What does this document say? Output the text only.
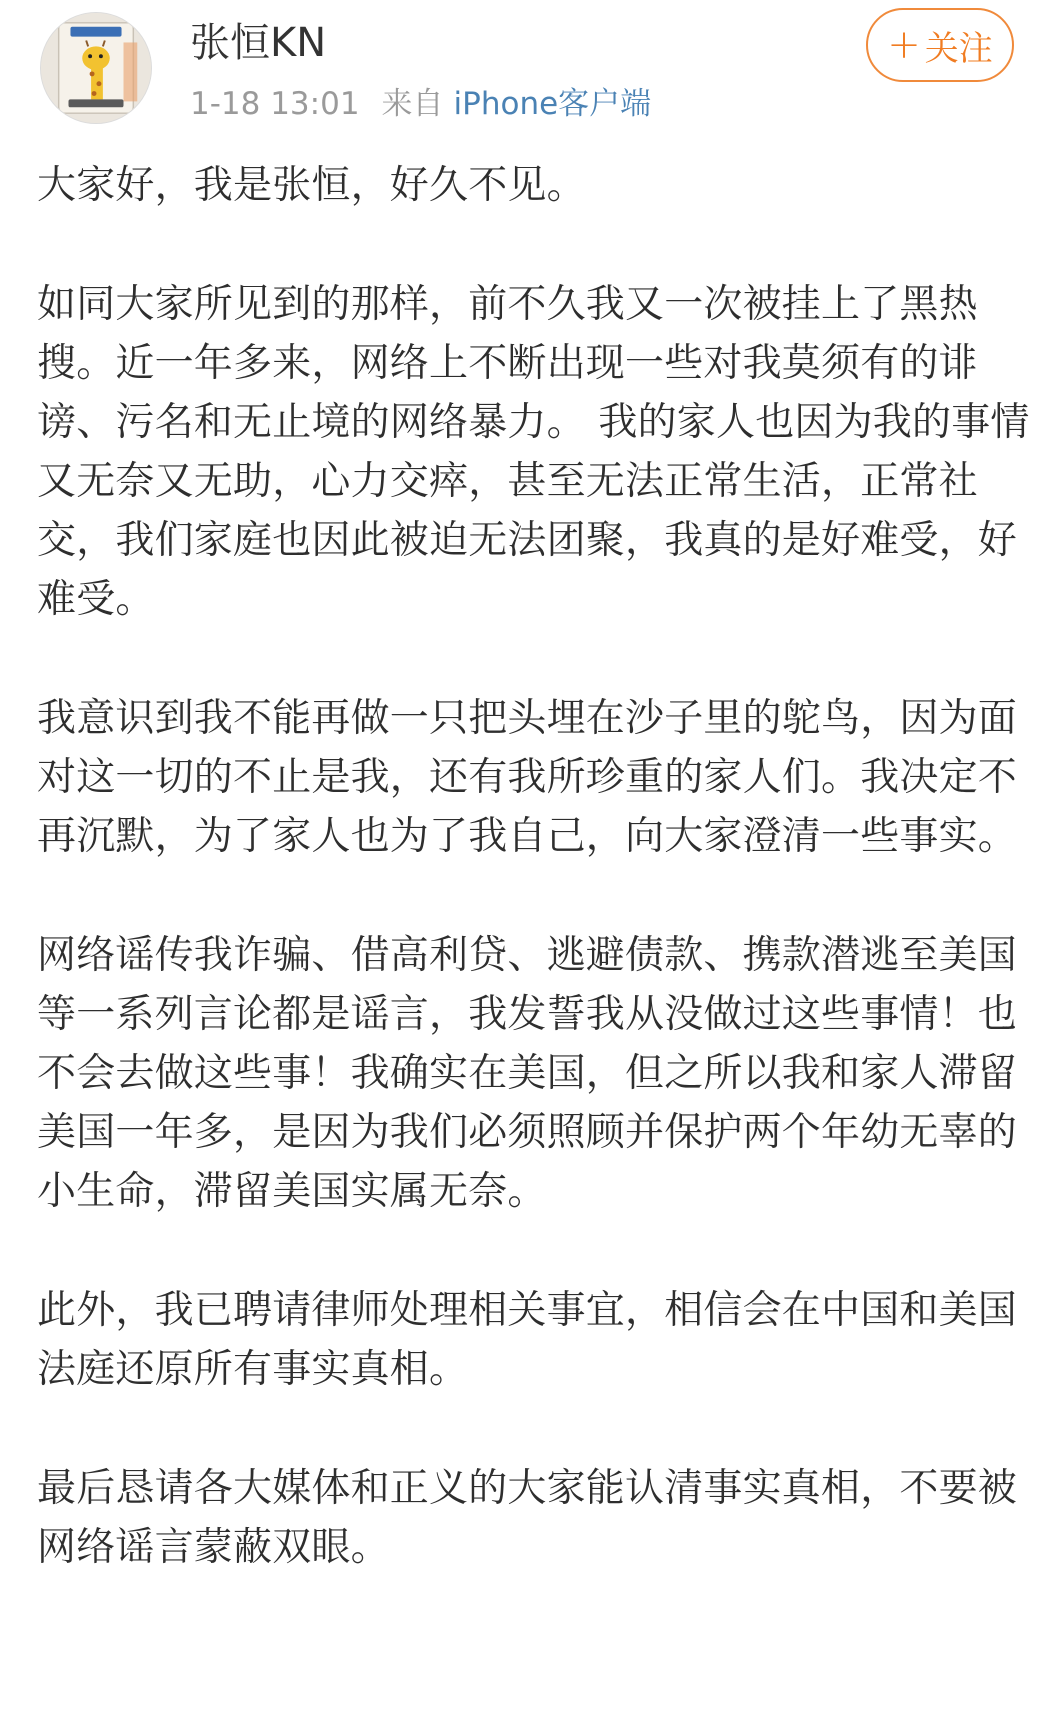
张恒KN
1-18 13:01 来自 iPhone客户端
+ 关注

大家好，我是张恒，好久不见。

如同大家所见到的那样，前不久我又一次被挂上了黑热搜。近一年多来，网络上不断出现一些对我莫须有的诽谤、污名和无止境的网络暴力。 我的家人也因为我的事情又无奈又无助，心力交瘁，甚至无法正常生活，正常社交，我们家庭也因此被迫无法团聚，我真的是好难受，好难受。

我意识到我不能再做一只把头埋在沙子里的鸵鸟，因为面对这一切的不止是我，还有我所珍重的家人们。我决定不再沉默，为了家人也为了我自己，向大家澄清一些事实。

网络谣传我诈骗、借高利贷、逃避债款、携款潜逃至美国等一系列言论都是谣言，我发誓我从没做过这些事情！也不会去做这些事！我确实在美国，但之所以我和家人滞留美国一年多，是因为我们必须照顾并保护两个年幼无辜的小生命，滞留美国实属无奈。

此外，我已聘请律师处理相关事宜，相信会在中国和美国法庭还原所有事实真相。

最后恳请各大媒体和正义的大家能认清事实真相，不要被网络谣言蒙蔽双眼。
